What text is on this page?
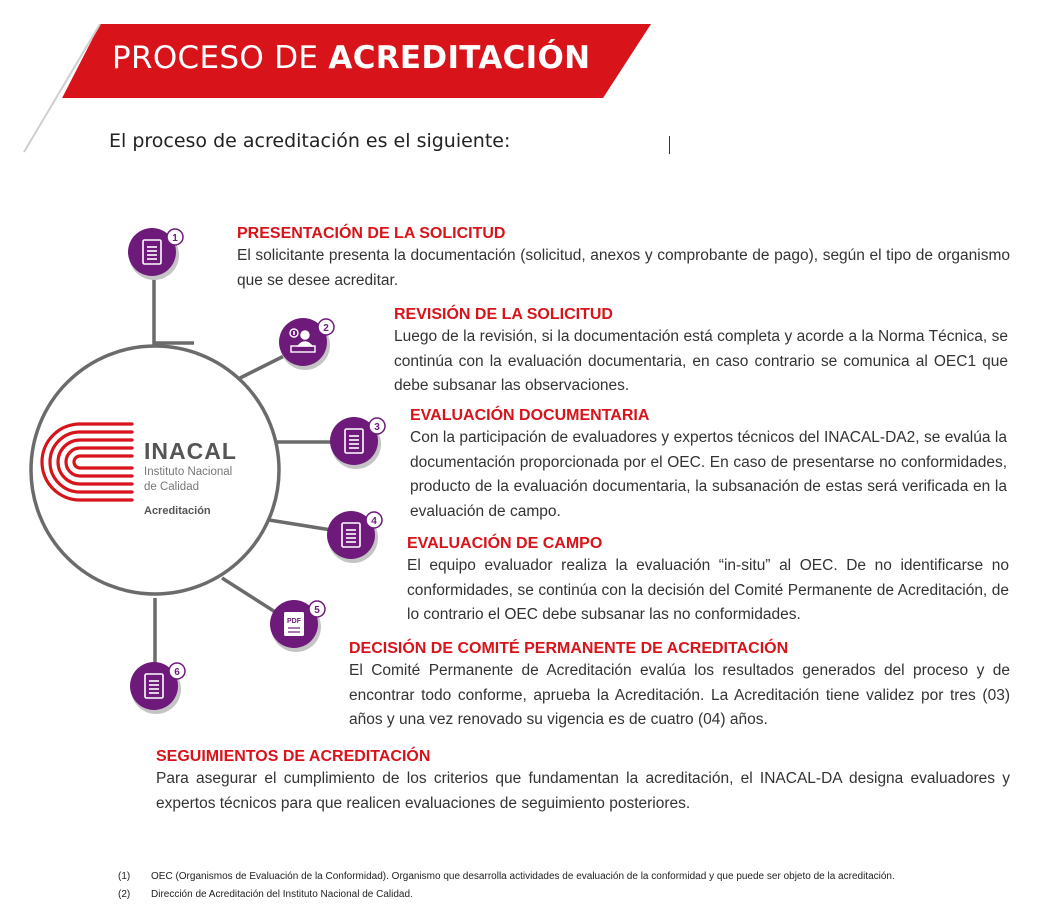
PROCESO DE ACREDITACIÓN
El proceso de acreditación es el siguiente:
1
2
3
4
PDF
5
6
INACAL
Instituto Nacional
de Calidad
Acreditación
PRESENTACIÓN DE LA SOLICITUD

El solicitante presenta la documentación (solicitud, anexos y comprobante de pago), según el tipo de organismo que se desee acreditar.

REVISIÓN DE LA SOLICITUD

Luego de la revisión, si la documentación está completa y acorde a la Norma Técnica, se continúa con la evaluación documentaria, en caso contrario se comunica al OEC1 que debe subsanar las observaciones.

EVALUACIÓN DOCUMENTARIA

Con la participación de evaluadores y expertos técnicos del INACAL-DA2, se evalúa la documentación proporcionada por el OEC. En caso de presentarse no conformidades, producto de la evaluación documentaria, la subsanación de estas será verificada en la evaluación de campo.

EVALUACIÓN DE CAMPO

El equipo evaluador realiza la evaluación “in-situ” al OEC. De no identificarse no conformidades, se continúa con la decisión del Comité Permanente de Acreditación, de lo contrario el OEC debe subsanar las no conformidades.

DECISIÓN DE COMITÉ PERMANENTE DE ACREDITACIÓN

El Comité Permanente de Acreditación evalúa los resultados generados del proceso y de encontrar todo conforme, aprueba la Acreditación. La Acreditación tiene validez por tres (03) años y una vez renovado su vigencia es de cuatro (04) años.

SEGUIMIENTOS DE ACREDITACIÓN

Para asegurar el cumplimiento de los criterios que fundamentan la acreditación, el INACAL-DA designa evaluadores y expertos técnicos para que realicen evaluaciones de seguimiento posteriores.

(1)	OEC (Organismos de Evaluación de la Conformidad). Organismo que desarrolla actividades de evaluación de la conformidad y que puede ser objeto de la acreditación.
(2)	Dirección de Acreditación del Instituto Nacional de Calidad.
